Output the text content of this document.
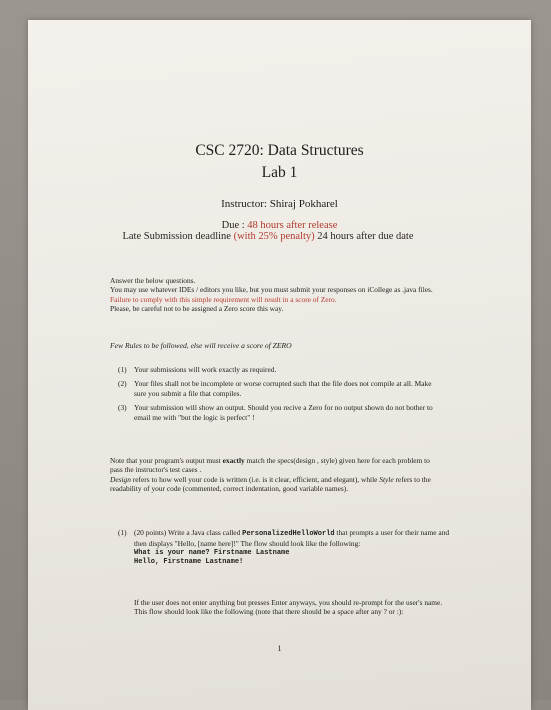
CSC 2720: Data Structures
Lab 1
Instructor: Shiraj Pokharel
Due : 48 hours after release
Late Submission deadline (with 25% penalty) 24 hours after due date
Answer the below questions.
You may use whatever IDEs / editors you like, but you must submit your responses on iCollege as .java files.
Failure to comply with this simple requirement will result in a score of Zero.
Please, be careful not to be assigned a Zero score this way.
Few Rules to be followed, else will receive a score of ZERO
(1) Your submissions will work exactly as required.
(2) Your files shall not be incomplete or worse corrupted such that the file does not compile at all. Make sure you submit a file that compiles.
(3) Your submission will show an output. Should you recive a Zero for no output shown do not bother to email me with "but the logic is perfect" !
Note that your program's output must exactly match the specs(design , style) given here for each problem to pass the instructor's test cases .
Design refers to how well your code is written (i.e. is it clear, efficient, and elegant), while Style refers to the readability of your code (commented, correct indentation, good variable names).
(1) (20 points) Write a Java class called PersonalizedHelloWorld that prompts a user for their name and then displays "Hello, [name here]!" The flow should look like the following:
What is your name? Firstname Lastname
Hello, Firstname Lastname!
If the user does not enter anything but presses Enter anyways, you should re-prompt for the user's name. This flow should look like the following (note that there should be a space after any ? or :):
1
